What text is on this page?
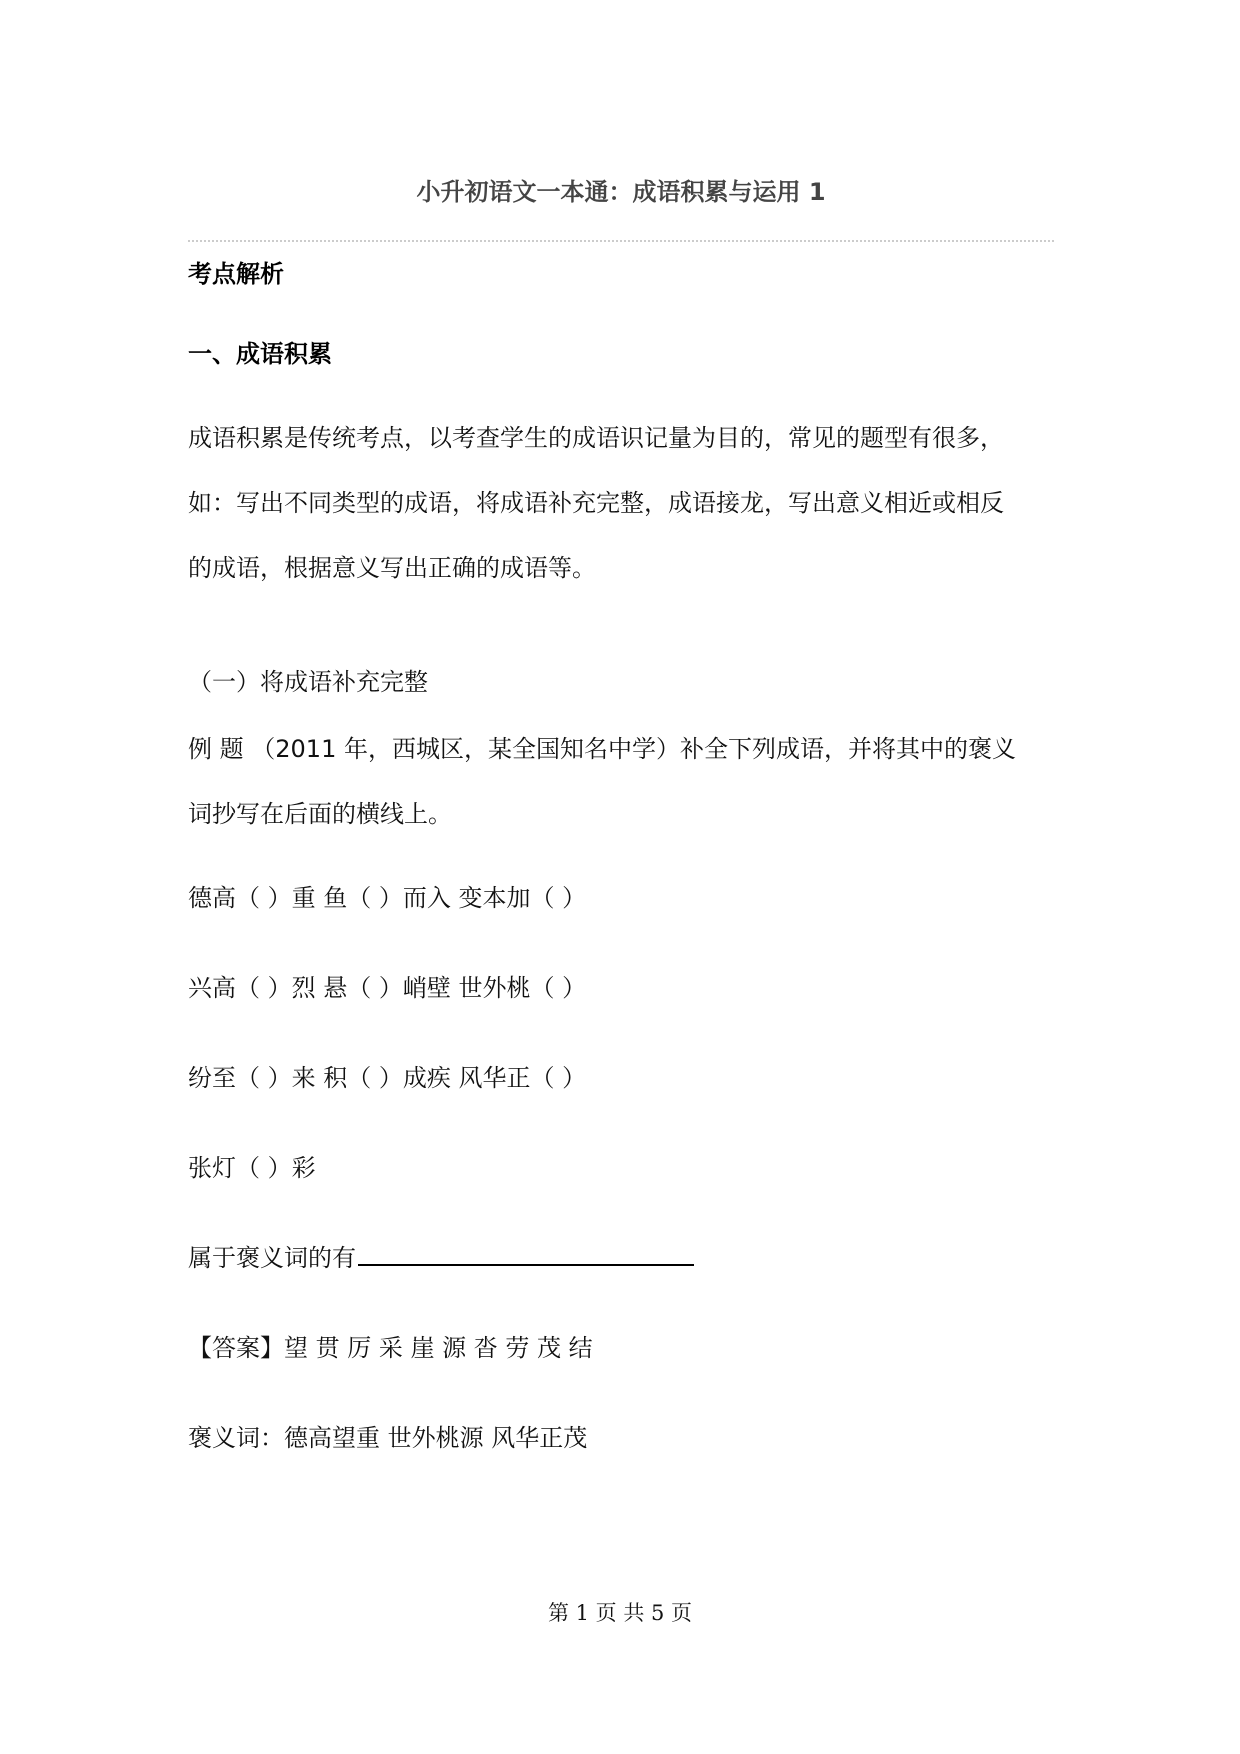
小升初语文一本通：成语积累与运用 1
考点解析
一、成语积累
成语积累是传统考点，以考查学生的成语识记量为目的，常见的题型有很多，
如：写出不同类型的成语，将成语补充完整，成语接龙，写出意义相近或相反
的成语，根据意义写出正确的成语等。
（一）将成语补充完整
例 题 （2011 年，西城区，某全国知名中学）补全下列成语，并将其中的褒义
词抄写在后面的横线上。
德高（ ）重 鱼（ ）而入 变本加（ ）
兴高（ ）烈 悬（ ）峭壁 世外桃（ ）
纷至（ ）来 积（ ）成疾 风华正（ ）
张灯（ ）彩
属于褒义词的有
【答案】望 贯 厉 采 崖 源 沓 劳 茂 结
褒义词：德高望重 世外桃源 风华正茂
第 1 页 共 5 页
